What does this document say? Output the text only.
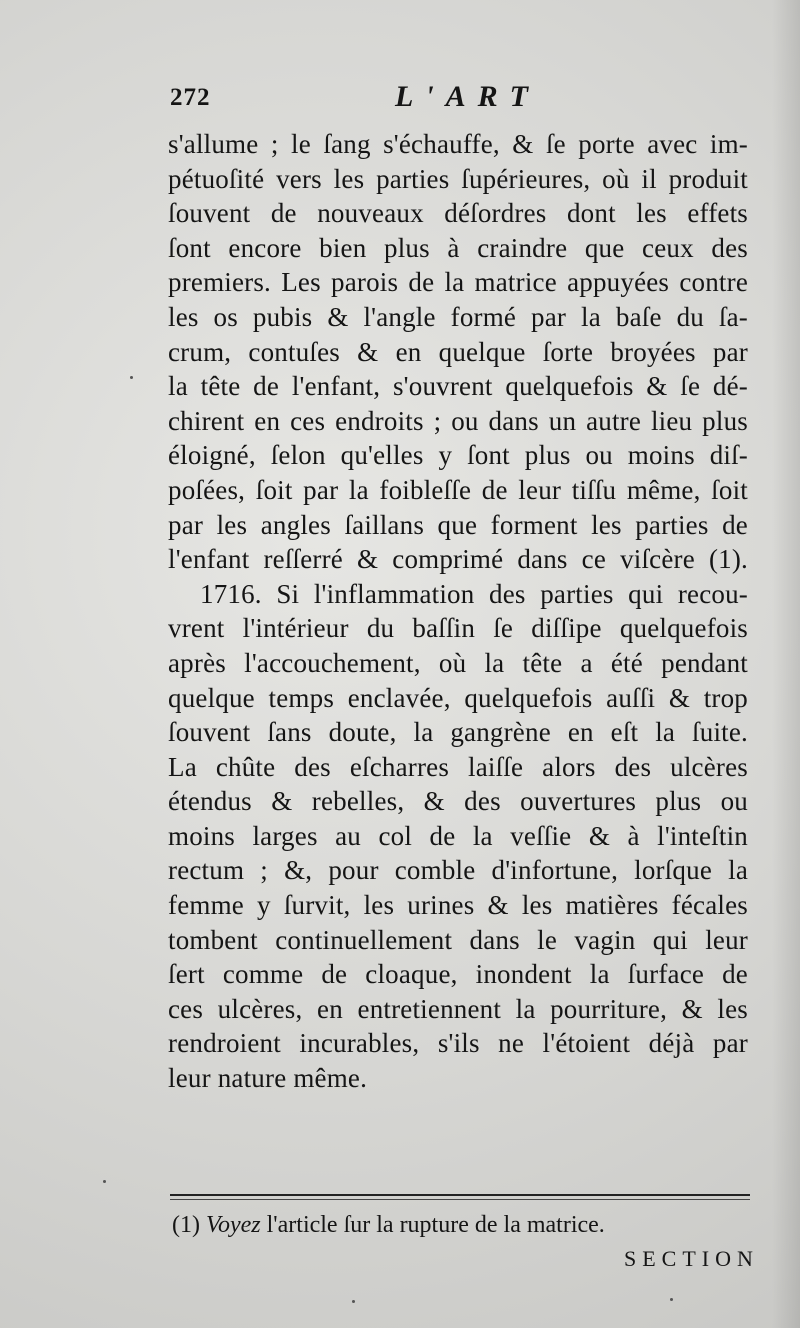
272	L'ART
s'allume ; le ſang s'échauffe, & ſe porte avec im-
pétuoſité vers les parties ſupérieures, où il produit
ſouvent de nouveaux déſordres dont les effets
ſont encore bien plus à craindre que ceux des
premiers. Les parois de la matrice appuyées contre
les os pubis & l'angle formé par la baſe du ſa-
crum, contuſes & en quelque ſorte broyées par
la tête de l'enfant, s'ouvrent quelquefois & ſe dé-
chirent en ces endroits ; ou dans un autre lieu plus
éloigné, ſelon qu'elles y ſont plus ou moins diſ-
poſées, ſoit par la foibleſſe de leur tiſſu même, ſoit
par les angles ſaillans que forment les parties de
l'enfant reſſerré & comprimé dans ce viſcère (1).
1716. Si l'inflammation des parties qui recou-
vrent l'intérieur du baſſin ſe diſſipe quelquefois
après l'accouchement, où la tête a été pendant
quelque temps enclavée, quelquefois auſſi & trop
ſouvent ſans doute, la gangrène en eſt la ſuite.
La chûte des eſcharres laiſſe alors des ulcères
étendus & rebelles, & des ouvertures plus ou
moins larges au col de la veſſie & à l'inteſtin
rectum ; &, pour comble d'infortune, lorſque la
femme y ſurvit, les urines & les matières fécales
tombent continuellement dans le vagin qui leur
ſert comme de cloaque, inondent la ſurface de
ces ulcères, en entretiennent la pourriture, & les
rendroient incurables, s'ils ne l'étoient déjà par
leur nature même.
(1) Voyez l'article ſur la rupture de la matrice.
SECTION
